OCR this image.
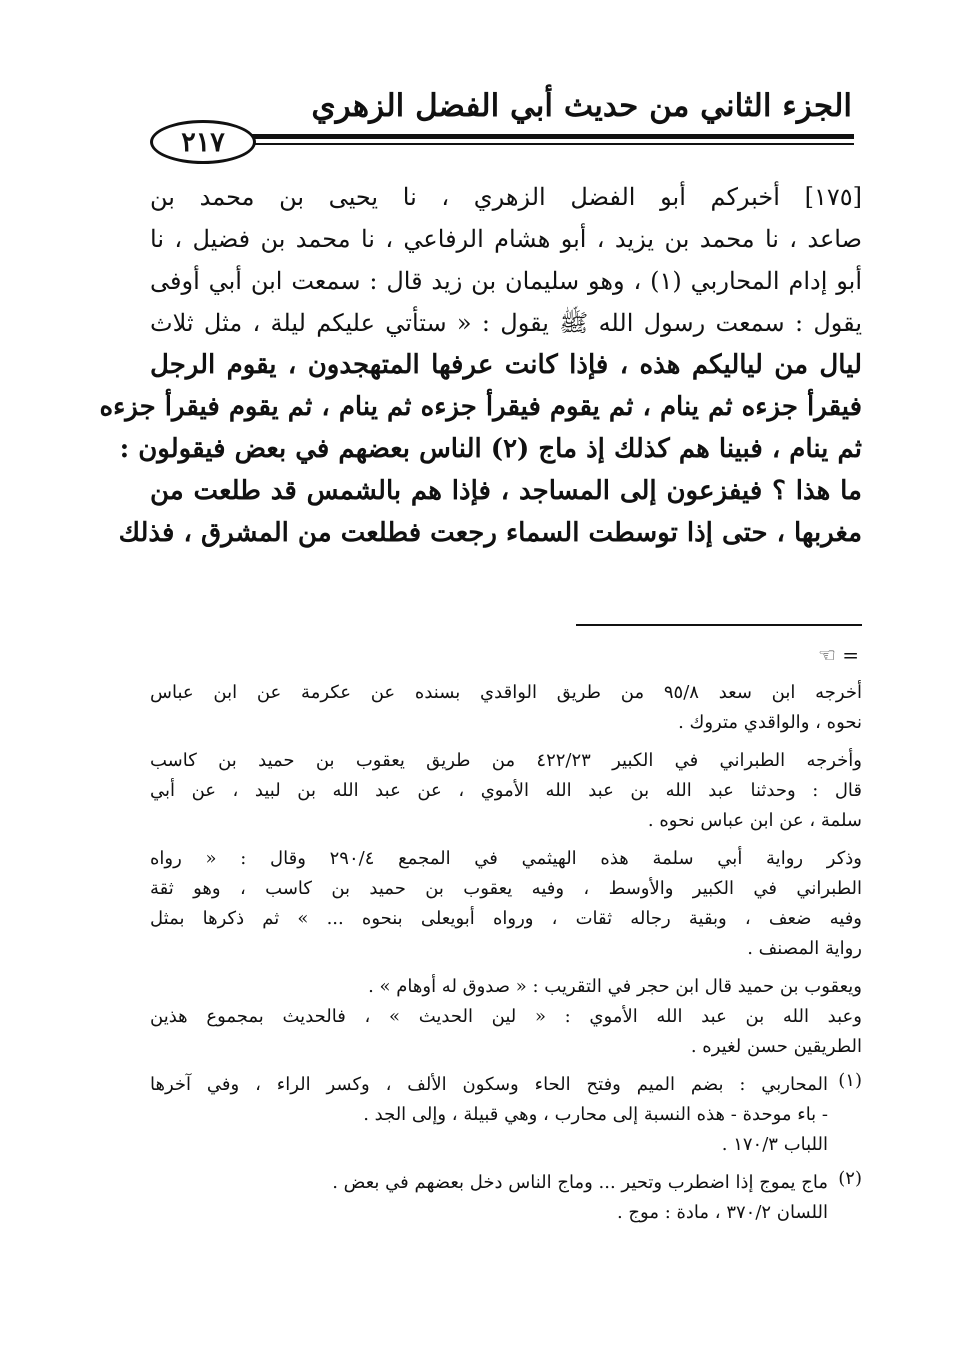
الجزء الثاني من حديث أبي الفضل الزهري
٢١٧
[١٧٥] أخبركم أبو الفضل الزهري ، نا يحيى بن محمد بن
صاعد ، نا محمد بن يزيد ، أبو هشام الرفاعي ، نا محمد بن فضيل ، نا
أبو إدام المحاربي (١) ، وهو سليمان بن زيد قال : سمعت ابن أبي أوفى
يقول : سمعت رسول الله ﷺ يقول : « ستأتي عليكم ليلة ، مثل ثلاث
ليال من لياليكم هذه ، فإذا كانت عرفها المتهجدون ، يقوم الرجل
فيقرأ جزءه ثم ينام ، ثم يقوم فيقرأ جزءه ثم ينام ، ثم يقوم فيقرأ جزءه
ثم ينام ، فبينا هم كذلك إذ ماج (٢) الناس بعضهم في بعض فيقولون :
ما هذا ؟ فيفزعون إلى المساجد ، فإذا هم بالشمس قد طلعت من
مغربها ، حتى إذا توسطت السماء رجعت فطلعت من المشرق ، فذلك
= ☜
أخرجه ابن سعد ٩٥/٨ من طريق الواقدي بسنده عن عكرمة عن ابن عباس
نحوه ، والواقدي متروك .
وأخرجه الطبراني في الكبير ٤٢٢/٢٣ من طريق يعقوب بن حميد بن كاسب
قال : وحدثنا عبد الله بن عبد الله الأموي ، عن عبد الله بن لبيد ، عن أبي
سلمة ، عن ابن عباس نحوه .
وذكر رواية أبي سلمة هذه الهيثمي في المجمع ٢٩٠/٤ وقال : « رواه
الطبراني في الكبير والأوسط ، وفيه يعقوب بن حميد بن كاسب ، وهو ثقة
وفيه ضعف ، وبقية رجاله ثقات ، ورواه أبويعلى بنحوه ... » ثم ذكرها بمثل
رواية المصنف .
ويعقوب بن حميد قال ابن حجر في التقريب : « صدوق له أوهام » .
وعبد الله بن عبد الله الأموي : « لين الحديث » ، فالحديث بمجموع هذين
الطريقين حسن لغيره .
(١)
المحاربي : بضم الميم وفتح الحاء وسكون الألف ، وكسر الراء ، وفي آخرها
- باء موحدة - هذه النسبة إلى محارب ، وهي قبيلة ، وإلى الجد .
اللباب ١٧٠/٣ .
(٢)
ماج يموج إذا اضطرب وتحير ... وماج الناس دخل بعضهم في بعض .
اللسان ٣٧٠/٢ ، مادة : موج .
